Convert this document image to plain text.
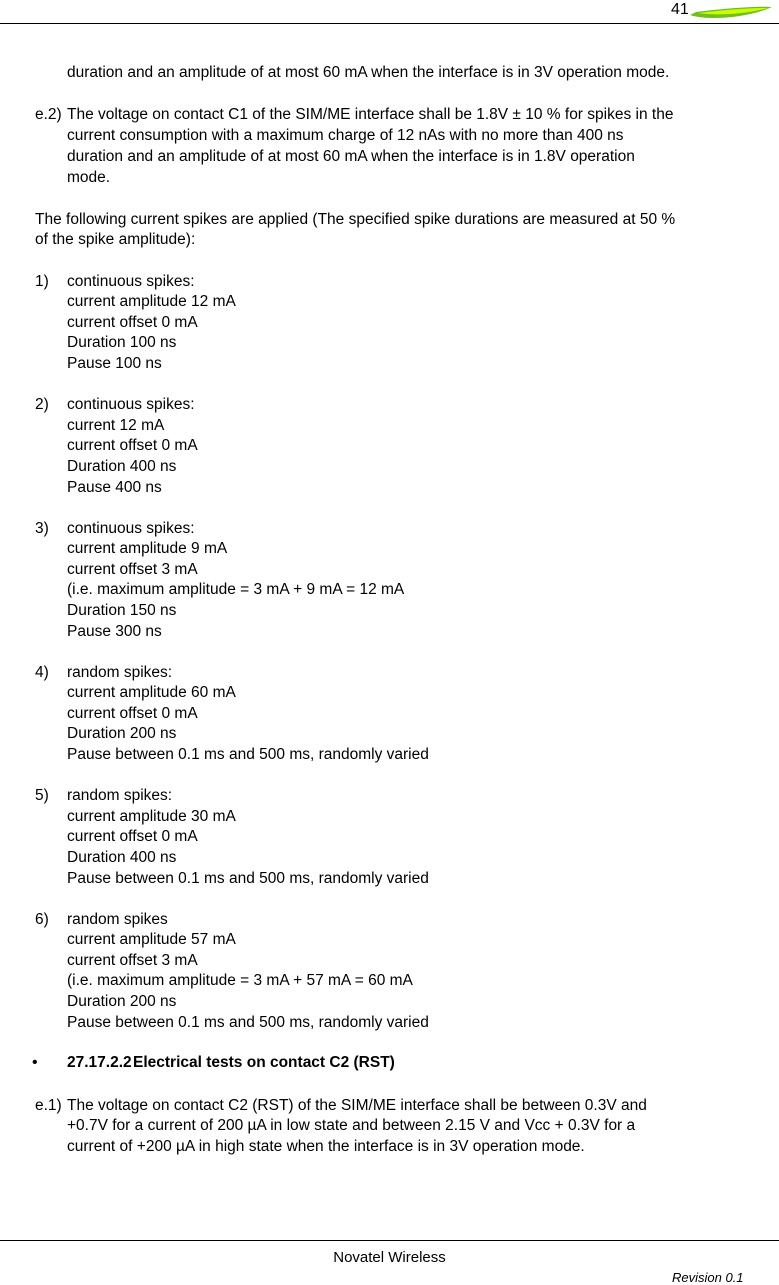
41
duration and an amplitude of at most 60 mA when the interface is in 3V operation mode.
e.2) The voltage on contact C1 of the SIM/ME interface shall be 1.8V ± 10 % for spikes in the
current consumption with a maximum charge of 12 nAs with no more than 400 ns
duration and an amplitude of at most 60 mA when the interface is in 1.8V operation
mode.
The following current spikes are applied (The specified spike durations are measured at 50 %
of the spike amplitude):
1) continuous spikes:
current amplitude 12 mA
current offset 0 mA
Duration 100 ns
Pause 100 ns
2) continuous spikes:
current 12 mA
current offset 0 mA
Duration 400 ns
Pause 400 ns
3) continuous spikes:
current amplitude 9 mA
current offset 3 mA
(i.e. maximum amplitude = 3 mA + 9 mA = 12 mA
Duration 150 ns
Pause 300 ns
4) random spikes:
current amplitude 60 mA
current offset 0 mA
Duration 200 ns
Pause between 0.1 ms and 500 ms, randomly varied
5) random spikes:
current amplitude 30 mA
current offset 0 mA
Duration 400 ns
Pause between 0.1 ms and 500 ms, randomly varied
6) random spikes
current amplitude 57 mA
current offset 3 mA
(i.e. maximum amplitude = 3 mA + 57 mA = 60 mA
Duration 200 ns
Pause between 0.1 ms and 500 ms, randomly varied
• 27.17.2.2 Electrical tests on contact C2 (RST)
e.1) The voltage on contact C2 (RST) of the SIM/ME interface shall be between 0.3V and
+0.7V for a current of 200 µA in low state and between 2.15 V and Vcc + 0.3V for a
current of +200 µA in high state when the interface is in 3V operation mode.
Novatel Wireless
Revision 0.1
